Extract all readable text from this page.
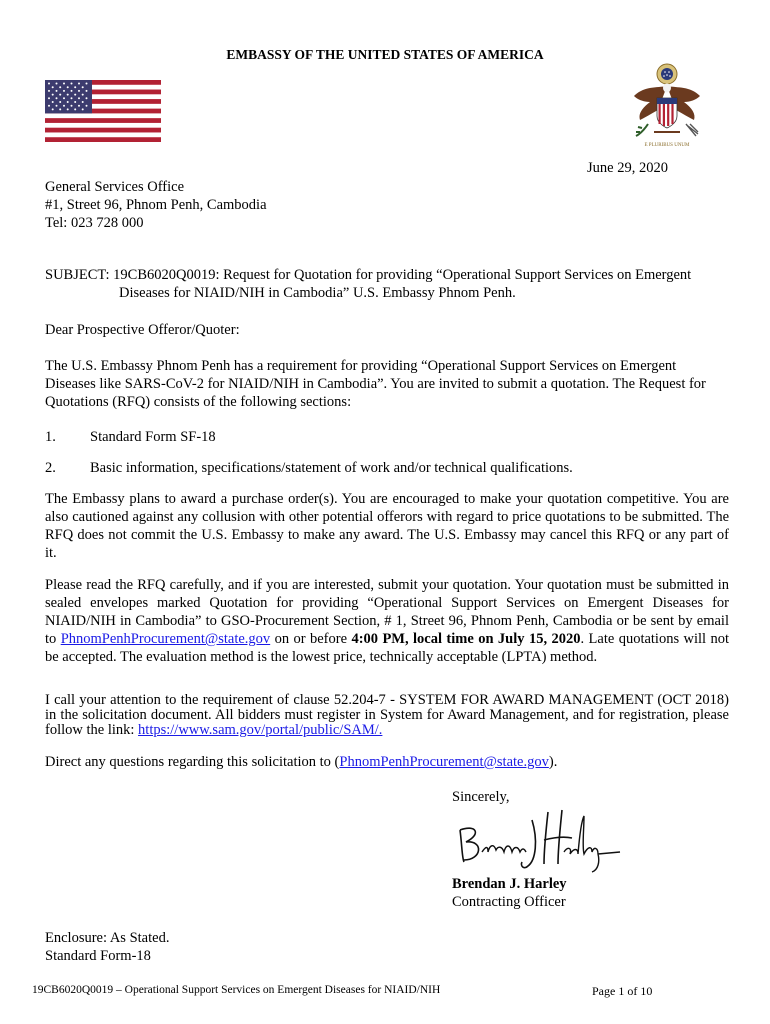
EMBASSY OF THE UNITED STATES OF AMERICA
E PLURIBUS UNUM
June 29, 2020
General Services Office
#1, Street 96, Phnom Penh, Cambodia
Tel: 023 728 000
SUBJECT: 19CB6020Q0019: Request for Quotation for providing “Operational Support Services on Emergent
Diseases for NIAID/NIH in Cambodia” U.S. Embassy Phnom Penh.
Dear Prospective Offeror/Quoter:
The U.S. Embassy Phnom Penh has a requirement for providing “Operational Support Services on Emergent Diseases like SARS-CoV-2 for NIAID/NIH in Cambodia”. You are invited to submit a quotation. The Request for Quotations (RFQ) consists of the following sections:
1. Standard Form SF-18
2. Basic information, specifications/statement of work and/or technical qualifications.
The Embassy plans to award a purchase order(s). You are encouraged to make your quotation competitive. You are also cautioned against any collusion with other potential offerors with regard to price quotations to be submitted. The RFQ does not commit the U.S. Embassy to make any award. The U.S. Embassy may cancel this RFQ or any part of it.
Please read the RFQ carefully, and if you are interested, submit your quotation. Your quotation must be submitted in sealed envelopes marked Quotation for providing “Operational Support Services on Emergent Diseases for NIAID/NIH in Cambodia” to GSO-Procurement Section, # 1, Street 96, Phnom Penh, Cambodia or be sent by email to PhnomPenhProcurement@state.gov on or before 4:00 PM, local time on July 15, 2020. Late quotations will not be accepted. The evaluation method is the lowest price, technically acceptable (LPTA) method.
I call your attention to the requirement of clause 52.204-7 - SYSTEM FOR AWARD MANAGEMENT (OCT 2018) in the solicitation document. All bidders must register in System for Award Management, and for registration, please follow the link: https://www.sam.gov/portal/public/SAM/.
Direct any questions regarding this solicitation to (PhnomPenhProcurement@state.gov).
Sincerely,
Brendan J. Harley
Contracting Officer
Enclosure: As Stated.
Standard Form-18
19CB6020Q0019 – Operational Support Services on Emergent Diseases for NIAID/NIH	Page 1 of 10
